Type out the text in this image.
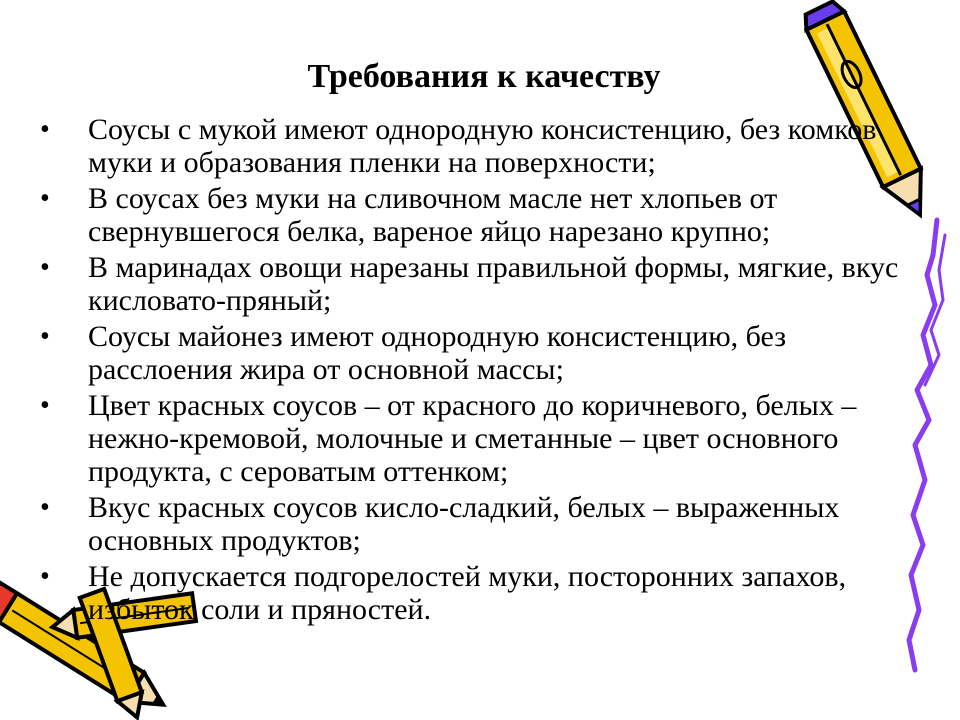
Требования к качеству
• Соусы с мукой имеют однородную консистенцию, без комков муки и образования пленки на поверхности;
• В соусах без муки на сливочном масле нет хлопьев от свернувшегося белка, вареное яйцо нарезано крупно;
• В маринадах овощи нарезаны правильной формы, мягкие, вкус кисловато-пряный;
• Соусы майонез имеют однородную консистенцию, без расслоения жира от основной массы;
• Цвет красных соусов – от красного до коричневого, белых – нежно-кремовой, молочные и сметанные – цвет основного продукта, с сероватым оттенком;
• Вкус красных соусов кисло-сладкий, белых – выраженных основных продуктов;
• Не допускается подгорелостей муки, посторонних запахов, избыток соли и пряностей.
